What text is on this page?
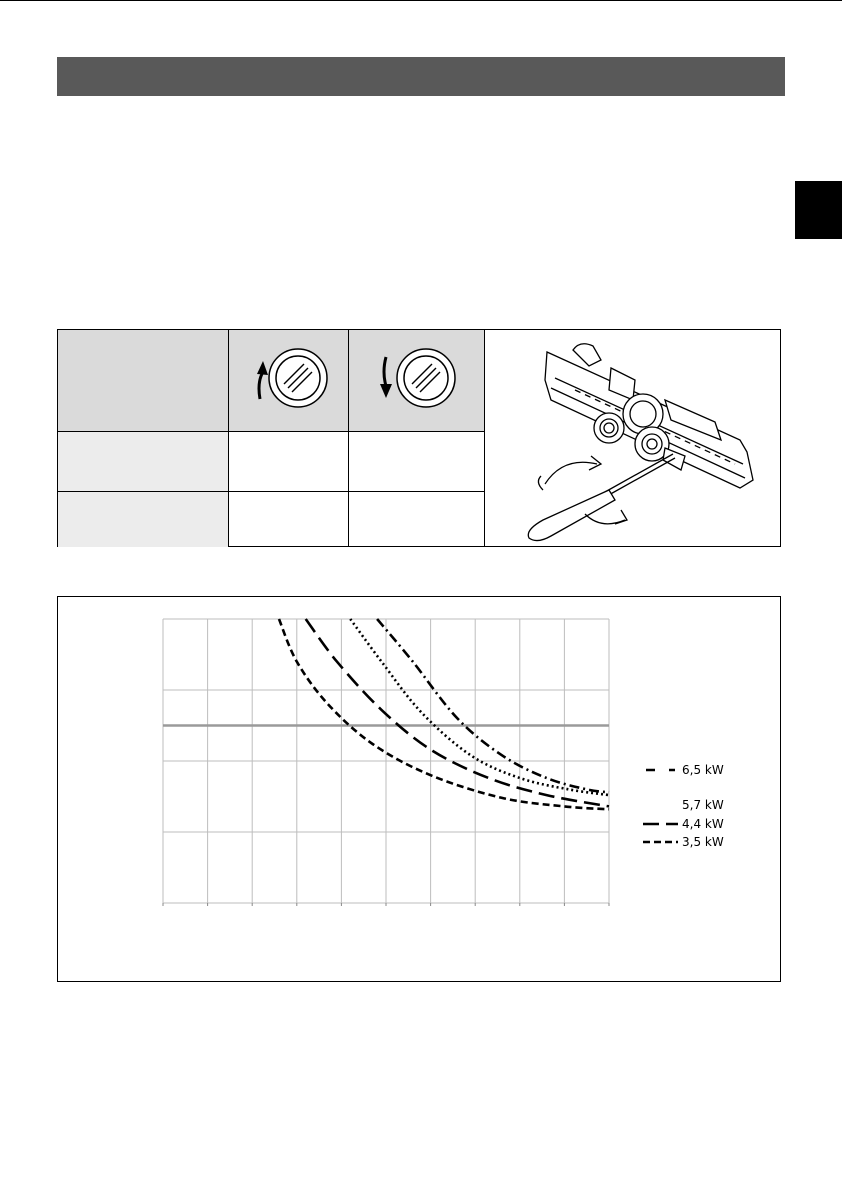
6,5 kW
5,7 kW
4,4 kW
3,5 kW
